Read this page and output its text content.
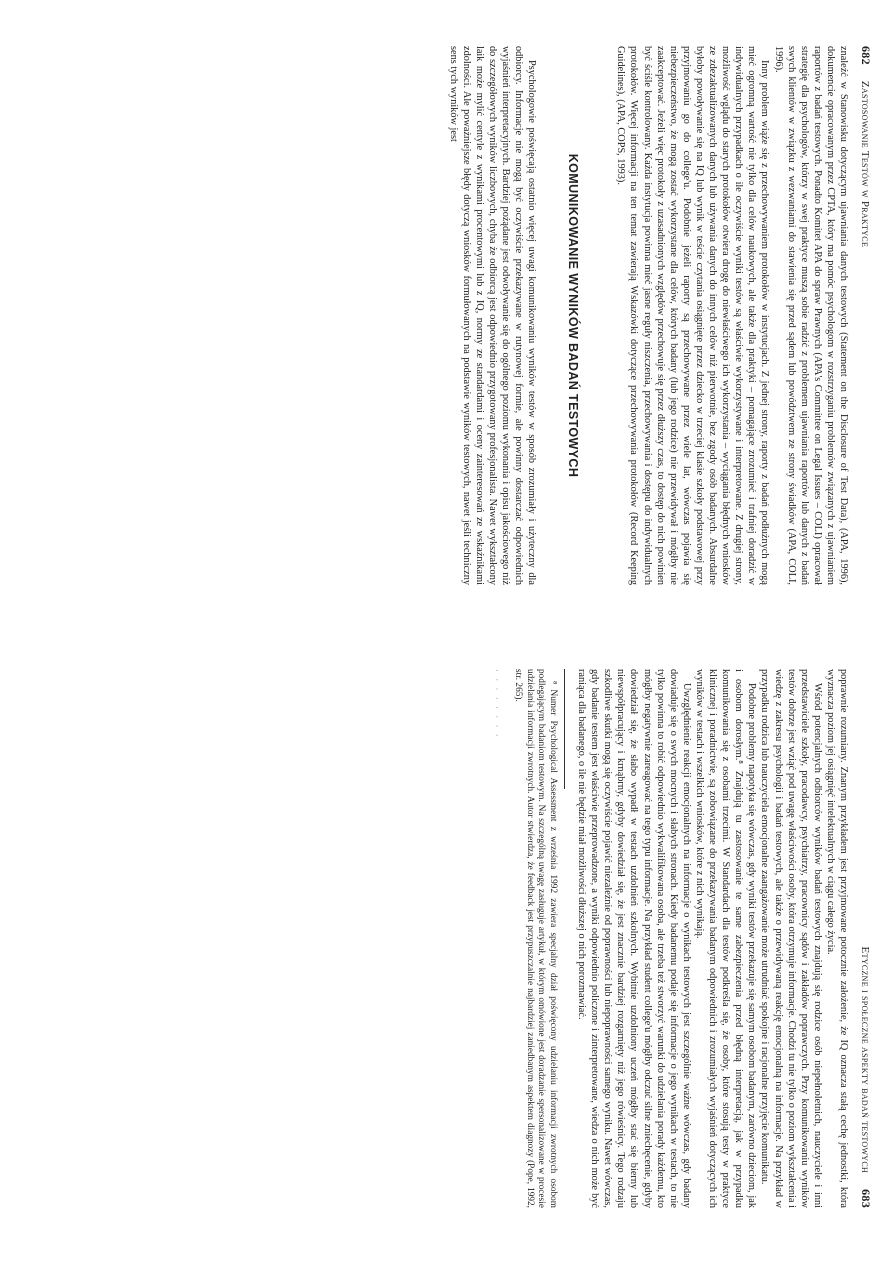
682
Zastosowanie Testów w Praktyce

znaleźć w Stanowisku dotyczącym ujawniania danych testowych (Statement on the Disclosure of Test Data), (APA, 1996), dokumencie opracowanym przez CPTA, który ma pomóc psychologom w rozstrzyganiu problemów związanych z ujawnianiem raportów z badań testowych. Ponadto Komitet APA do spraw Prawnych (APA's Committee on Legal Issues – COLI) opracował strategię dla psychologów, którzy w swej praktyce muszą sobie radzić z problemem ujawniania raportów lub danych z badań swych klientów w związku z wezwaniami do stawienia się przed sądem lub powództwem ze strony świadków (APA, COLI, 1996).

Inny problem wiąże się z przechowywaniem protokołów w instytucjach. Z jednej strony, raporty z badań podłużnych mogą mieć ogromną wartość nie tylko dla celów naukowych, ale także dla praktyki – pomagające zrozumieć i trafniej doradzić w indywidualnych przypadkach o ile oczywiście wyniki testów są właściwie wykorzystywane i interpretowane. Z drugiej strony, możliwość wglądu do starych protokołów otwiera drogę do niewłaściwego ich wykorzystania – wyciągania błędnych wniosków ze zdezaktualizowanych danych lub używania danych do innych celów niż pierwotnie, bez zgody osób badanych. Absurdalne byłoby powoływanie się na IQ lub wynik w teście czytania osiągnięte przez dziecko w trzeciej klasie szkoły podstawowej przy przyjmowaniu go do college'u. Podobnie jeżeli raporty są przechowywane przez wiele lat, wówczas pojawia się niebezpieczeństwo, że mogą zostać wykorzystane dla celów, których badany (lub jego rodzice) nie przewidywał i mógłby nie zaakceptować. Jeżeli więc protokoły z uzasadnionych względów przechowuje się przez dłuższy czas, to dostęp do nich powinien być ściśle kontrolowany. Każda instytucja powinna mieć jasne reguły niszczenia, przechowywania i dostępu do indywidualnych protokołów. Więcej informacji na ten temat zawierają Wskazówki dotyczące przechowywania protokołów (Record Keeping Guidelines), (APA, COPS, 1993).

KOMUNIKOWANIE WYNIKÓW BADAŃ TESTOWYCH

Psychologowie poświęcają ostatnio więcej uwagi komunikowaniu wyników testów w sposób zrozumiały i użyteczny dla odbiorcy. Informacje nie mogą być oczywiście przekazywane w rutynowej formie, ale powinny dostarczać odpowiednich wyjaśnień interpretacyjnych. Bardziej pożądane jest odwoływanie się do ogólnego poziomu wykonania i opisu jakościowego niż do szczegółowych wyników liczbowych, chyba że odbiorcą jest odpowiednio przygotowany profesjonalista. Nawet wykształcony laik może mylić centyle z wynikami procentowymi lub z IQ, normy ze standardami i oceny zainteresowań ze wskaźnikami zdolności. Ale poważniejsze błędy dotyczą wniosków formułowanych na podstawie wyników testowych, nawet jeśli techniczny sens tych wyników jest

Etyczne i społeczne aspekty badań testowych
683

poprawnie rozumiany. Znanym przykładem jest przyjmowane potocznie założenie, że IQ oznacza stałą cechę jednostki, która wyznacza poziom jej osiągnięć intelektualnych w ciągu całego życia.

Wśród potencjalnych odbiorców wyników badań testowych znajdują się rodzice osób niepełnoletnich, nauczyciele i inni przedstawiciele szkoły, pracodawcy, psychiatrzy, pracownicy sądów i zakładów poprawczych. Przy komunikowaniu wyników testów dobrze jest wziąć pod uwagę właściwości osoby, która otrzymuje informacje. Chodzi tu nie tylko o poziom wykształcenia i wiedzę z zakresu psychologii i badań testowych, ale także o przewidywaną reakcję emocjonalną na informacje. Na przykład w przypadku rodzica lub nauczyciela emocjonalne zaangażowanie może utrudniać spokojne i racjonalne przyjęcie komunikatu.

Podobne problemy napotyka się wówczas, gdy wyniki testów przekazuje się samym osobom badanym, zarówno dzieciom, jak i osobom dorosłym.⁸ Znajdują tu zastosowanie te same zabezpieczenia przed błędną interpretacją, jak w przypadku komunikowania się z osobami trzecimi. W Standardach dla testów podkreśla się, że osoby, które stosują testy w praktyce klinicznej i poradnictwie, są zobowiązane do przekazywania badanym odpowiednich i zrozumiałych wyjaśnień dotyczących ich wyników w testach i wszelkich wniosków, które z nich wynikają.

Uwzględnienie reakcji emocjonalnych na informacje o wynikach testowych jest szczególnie ważne wówczas, gdy badany dowiaduje się o swych mocnych i słabych stronach. Kiedy badanemu podaje się informacje o jego wynikach w testach, to nie tylko powinna to robić odpowiednio wykwalifikowana osoba, ale trzeba też stworzyć warunki do udzielania porady każdemu, kto mógłby negatywnie zareagować na tego typu informacje. Na przykład student college'u mógłby odczuć silne zniechęcenie, gdyby dowiedział się, że słabo wypadł w testach uzdolnień szkolnych. Wybitnie uzdolniony uczeń mógłby stać się bierny lub niewspółpracujący i krnąbrny, gdyby dowiedział się, że jest znacznie bardziej rozgarnięty niż jego rówieśnicy. Tego rodzaju szkodliwe skutki mogą się oczywiście pojawić niezależnie od poprawności lub niepoprawności samego wyniku. Nawet wówczas, gdy badanie testem jest właściwie przeprowadzone, a wyniki odpowiednio policzone i zinterpretowane, wiedza o nich może być raniąca dla badanego, o ile nie będzie miał możliwości dłuższej o nich porozmawiać.

⁸ Numer Psychological Assessment z września 1992 zawiera specjalny dział poświęcony udzielaniu informacji zwrotnych osobom podlegającym badaniom testowym. Na szczególną uwagę zasługuje artykuł, w którym omówione jest doradzanie spersonalizowane w procesie udzielania informacji zwrotnych. Autor stwierdza, że feedback jest przypuszczalnie najbardziej zaniedbanym aspektem diagnozy (Pope, 1992, str. 265).

· · · · · · · ·
